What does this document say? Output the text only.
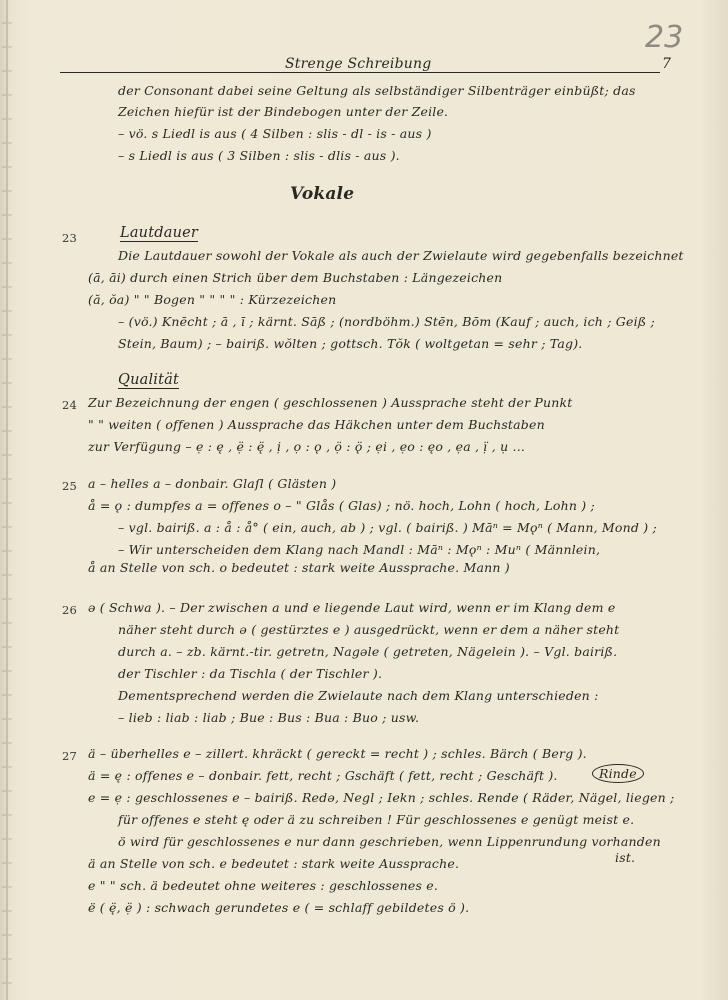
23
Strenge Schreibung	7
der Consonant dabei seine Geltung als selbständiger Silbenträger einbüßt; das
Zeichen hiefür ist der Bindebogen unter der Zeile.
– vö. s Liedl is aus ( 4 Silben : slis - dl - is - aus )
– s Liedl is aus ( 3 Silben : slis - dlis - aus ).
Vokale
23	Lautdauer
Die Lautdauer sowohl der Vokale als auch der Zwielaute wird gegebenfalls bezeichnet
(ā, āi) durch einen Strich über dem Buchstaben : Längezeichen
(ă, ŏa) " " Bogen " " " " : Kürzezeichen
– (vö.) Knēcht ; ā , ī ; kärnt. Sāß ; (nordböhm.) Stēn, Bōm (Kauf ; auch, ich ; Geiß ;
Stein, Baum) ; – bairiß. wŏlten ; gottsch. Tŏk ( woltgetan = sehr ; Tag).
Qualität
24 Zur Bezeichnung der engen ( geschlossenen ) Aussprache steht der Punkt
" " weiten ( offenen ) Aussprache das Häkchen unter dem Buchstaben
zur Verfügung – ẹ : ę , ẹ̈ : ę̈ , ị , ọ : ǫ , ọ̈ : ǫ̈ ; ẹi , ẹo : ęo , ẹa , ị̈ , ụ ...
25 a – helles a – donbair. Glaſl ( Glästen )
å = ǫ : dumpfes a = offenes o – " Glås ( Glas) ; nö. hoch, Lohn ( hoch, Lohn ) ;
– vgl. bairiß. a : å : å° ( ein, auch, ab ) ; vgl. ( bairiß. ) Māⁿ = Mǫⁿ ( Mann, Mond ) ;
– Wir unterscheiden dem Klang nach Mandl : Māⁿ : Mǫⁿ : Muⁿ ( Männlein,
å an Stelle von sch. o bedeutet : stark weite Aussprache. Mann )
26 ə ( Schwa ). – Der zwischen a und e liegende Laut wird, wenn er im Klang dem e
näher steht durch ə ( gestürztes e ) ausgedrückt, wenn er dem a näher steht
durch a. – zb. kärnt.-tir. getretn, Nagəle ( getreten, Nägelein ). – Vgl. bairiß.
der Tischler : da Tischla ( der Tischler ).
Dementsprechend werden die Zwielaute nach dem Klang unterschieden :
– lieb : liab : liab ; Bue : Bus : Bua : Buo ; usw.
27 ä – überhelles e – zillert. khräckt ( gereckt = recht ) ; schles. Bärch ( Berg ).
ä = ę : offenes e – donbair. fett, recht ; Gschäft ( fett, recht ; Geschäft ).	Rinde
e = ẹ : geschlossenes e – bairiß. Redə, Negl ; Iekn ; schles. Rende ( Räder, Nägel, liegen ;
für offenes e steht ę oder ä zu schreiben ! Für geschlossenes e genügt meist e.
ö wird für geschlossenes e nur dann geschrieben, wenn Lippenrundung vorhanden
ä an Stelle von sch. e bedeutet : stark weite Aussprache.	ist.
e " " sch. ä bedeutet ohne weiteres : geschlossenes e.
ë ( ę̈, ẹ̈ ) : schwach gerundetes e ( = schlaff gebildetes ö ).
